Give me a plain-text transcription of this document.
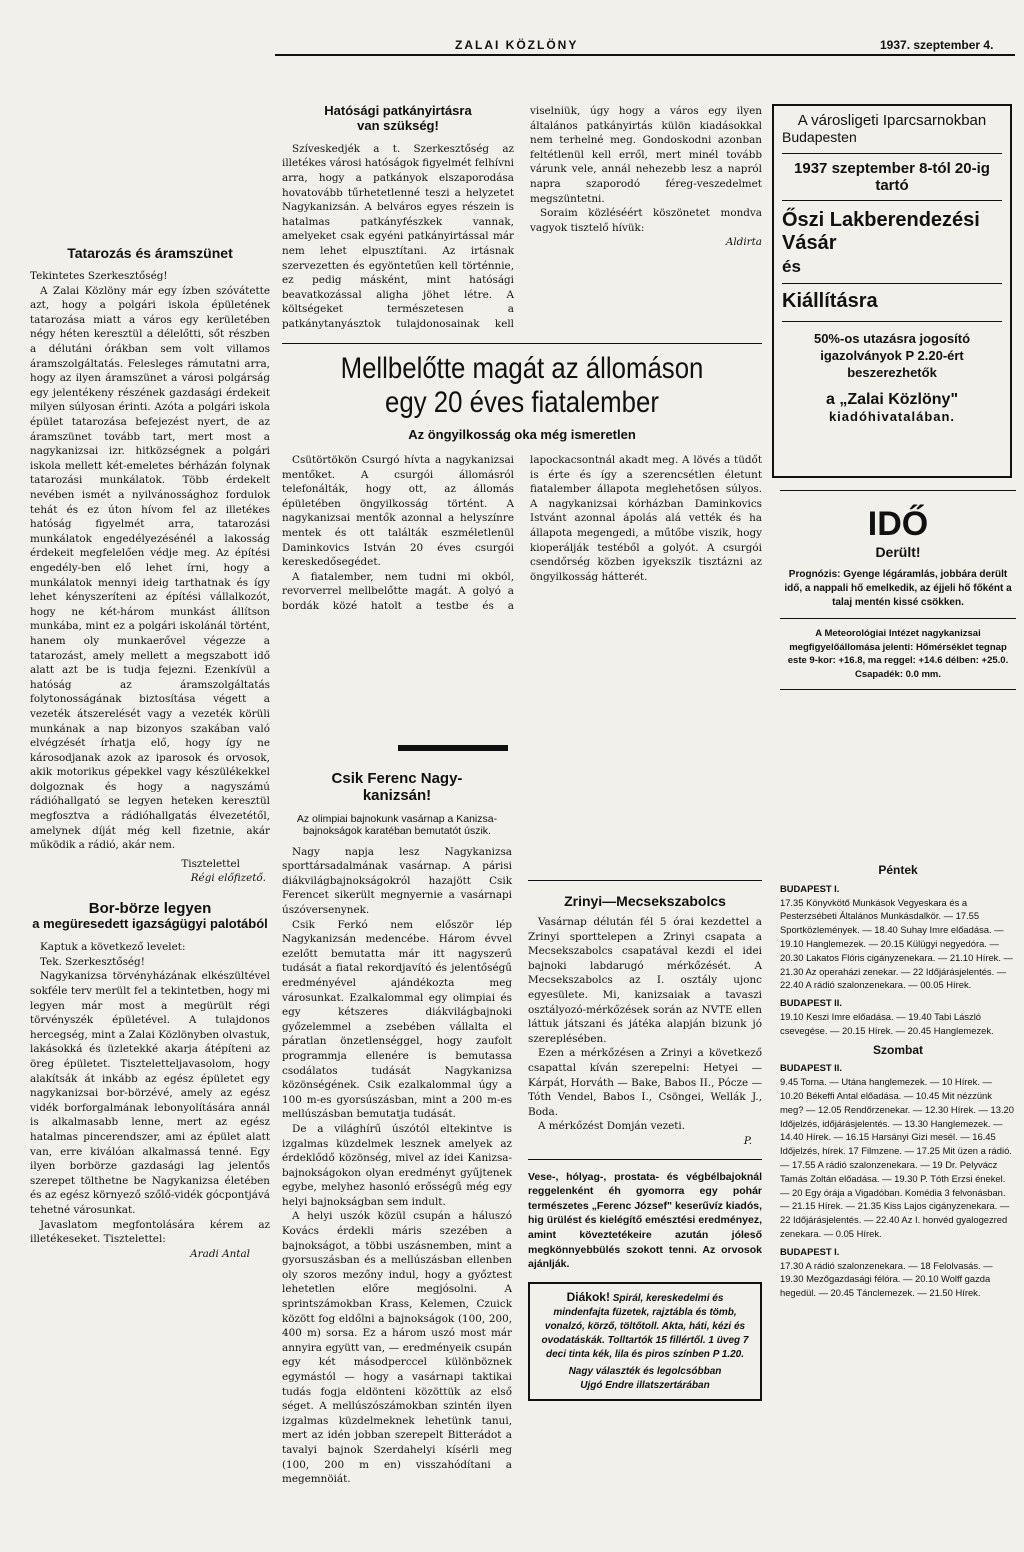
ZALAI KÖZLÖNY	1937. szeptember 4.
Tatarozás és áramszünet

Tekintetes Szerkesztőség!

A Zalai Közlöny már egy ízben szóvátette azt, hogy a polgári iskola épületének tatarozása miatt a város egy kerületében négy héten keresztül a délelőtti, sőt részben a délutáni órákban sem volt villamos áramszolgáltatás. Felesleges rámutatni arra, hogy az ilyen áramszünet a városi polgárság egy jelentékeny részének gazdasági érdekeit milyen súlyosan érinti. Azóta a polgári iskola épület tatarozása befejezést nyert, de az áramszünet tovább tart, mert most a nagykanizsai izr. hitközségnek a polgári iskola mellett két-emeletes bérházán folynak tatarozási munkálatok. Több érdekelt nevében ismét a nyilvánossághoz fordulok tehát és ez úton hívom fel az illetékes hatóság figyelmét arra, tatarozási munkálatok engedélyezésénél a lakosság érdekeit megfelelően védje meg. Az építési engedély-ben elő lehet írni, hogy a munkálatok mennyi ideig tarthatnak és így lehet kényszeríteni az építési vállalkozót, hogy ne két-három munkást állítson munkába, mint ez a polgári iskolánál történt, hanem oly munkaerővel végezze a tatarozást, amely mellett a megszabott idő alatt azt be is tudja fejezni. Ezenkívül a hatóság az áramszolgáltatás folytonosságának biztosítása végett a vezeték átszerelését vagy a vezeték körüli munkának a nap bizonyos szakában való elvégzését írhatja elő, hogy így ne károsodjanak azok az iparosok és orvosok, akik motorikus gépekkel vagy készülékekkel dolgoznak és hogy a nagyszámú rádióhallgató se legyen heteken keresztül megfosztva a rádióhallgatás élvezetétől, amelynek díját még kell fizetnie, akár működik a rádió, akár nem.

Tisztelettel
Régi előfizető.
Bor-börze legyen
a megüresedett igazságügyi palotából

Kaptuk a következő levelet:

Tek. Szerkesztőség!

Nagykanizsa törvényházának elkészültével sokféle terv merült fel a tekintetben, hogy mi legyen már most a megürült régi törvényszék épületével. A tulajdonos hercegség, mint a Zalai Közlönyben olvastuk, lakásokká és üzletekké akarja átépíteni az öreg épületet. Tiszteletteljavasolom, hogy alakítsák át inkább az egész épületet egy nagykanizsai bor-börzévé, amely az egész vidék borforgalmának lebonyolítására annál is alkalmasabb lenne, mert az egész hatalmas pincerendszer, ami az épület alatt van, erre kiválóan alkalmassá tenné. Egy ilyen borbörze gazdasági lag jelentős szerepet tölthetne be Nagykanizsa életében és az egész környező szőlő-vidék gócpontjává tehetné városunkat.

Javaslatom megfontolására kérem az illetékeseket. Tisztelettel:

Aradi Antal
Hatósági patkányirtásra
van szükség!

Szíveskedjék a t. Szerkesztőség az illetékes városi hatóságok figyelmét felhívni arra, hogy a patkányok elszaporodása hovatovább tűrhetetlenné teszi a helyzetet Nagykanizsán. A belváros egyes részein is hatalmas patkányfészkek vannak, amelyeket csak egyéni patkányirtással már nem lehet elpusztítani. Az irtásnak szervezetten és egyöntetűen kell történnie, ez pedig másként, mint hatósági beavatkozással aligha jöhet létre. A költségeket természetesen a patkánytanyásztok tulajdonosainak kell viselniük, úgy hogy a város egy ilyen általános patkányirtás külön kiadásokkal nem terhelné meg. Gondoskodni azonban feltétlenül kell erről, mert minél tovább várunk vele, annál nehezebb lesz a napról napra szaporodó féreg-veszedelmet megszüntetni.

Soraim közléséért köszönetet mondva vagyok tisztelő hívük:

Aldirta
Mellbelőtte magát az állomáson
egy 20 éves fiatalember
Az öngyilkosság oka még ismeretlen

Csütörtökön Csurgó hívta a nagykanizsai mentőket. A csurgói állomásról telefonálták, hogy ott, az állomás épületében öngyilkosság történt. A nagykanizsai mentők azonnal a helyszínre mentek és ott találták eszméletlenül Daminkovics István 20 éves csurgói kereskedősegédet.

A fiatalember, nem tudni mi okból, revorverrel mellbelőtte magát. A golyó a bordák közé hatolt a testbe és a lapockacsontnál akadt meg. A lövés a tüdőt is érte és így a szerencsétlen életunt fiatalember állapota meglehetősen súlyos. A nagykanizsai kórházban Daminkovics Istvánt azonnal ápolás alá vették és ha állapota megengedi, a műtőbe viszik, hogy kioperálják testéből a golyót. A csurgói csendőrség közben igyekszik tisztázni az öngyilkosság hátterét.

Csik Ferenc Nagy-
kanizsán!
Az olimpiai bajnokunk vasárnap a Kanizsa-bajnokságok karatéban bemutatót úszik.

Nagy napja lesz Nagykanizsa sporttársadalmának vasárnap. A párisi diákvilágbajnokságokról hazajött Csik Ferencet sikerült megnyernie a vasárnapi úszóversenynek.

Csik Ferkó nem először lép Nagykanizsán medencébe. Három évvel ezelőtt bemutatta már itt nagyszerű tudását a fiatal rekordjavító és jelentőségű eredményével ajándékozta meg városunkat. Ezalkalommal egy olimpiai és egy kétszeres diákvilágbajnoki győzelemmel a zsebében vállalta el páratlan önzetlenséggel, hogy zaufolt programmja ellenére is bemutassa csodálatos tudását Nagykanizsa közönségének. Csik ezalkalommal úgy a 100 m-es gyorsúszásban, mint a 200 m-es mellúszásban bemutatja tudását.

De a világhírű úszótól eltekintve is izgalmas küzdelmek lesznek amelyek az érdeklődő közönség, mivel az idei Kanizsa-bajnokságokon olyan eredményt gyűjtenek egybe, melyhez hasonló erősségű még egy helyi bajnokságban sem indult.

A helyi uszók közül csupán a háluszó Kovács érdekli máris szezében a bajnokságot, a többi uszásnemben, mint a gyorsuszásban és a mellúszásban ellenben oly szoros mezőny indul, hogy a győztest lehetetlen előre megjósolni. A sprintszámokban Krass, Kelemen, Czuick között fog eldőlni a bajnokságok (100, 200, 400 m) sorsa. Ez a három uszó most már annyira együtt van, — eredményeik csupán egy két másodperccel különböznek egymástól — hogy a vasárnapi taktikai tudás fogja eldönteni közöttük az első séget. A mellúszószámokban szintén ilyen izgalmas küzdelmeknek lehetünk tanui, mert az idén jobban szerepelt Bitterádot a tavalyi bajnok Szerdahelyi kísérli meg (100, 200 m en) visszahódítani a megemnöiát.

Zrinyi—Mecsekszabolcs

Vasárnap délután fél 5 órai kezdettel a Zrinyi sporttelepen a Zrinyi csapata a Mecsekszabolcs csapatával kezdi el idei bajnoki labdarugó mérkőzését. A Mecsekszabolcs az I. osztály ujonc egyesülete. Mi, kanizsaiak a tavaszi osztályozó-mérkőzések során az NVTE ellen láttuk játszani és játéka alapján bizunk jó szereplésében.

Ezen a mérkőzésen a Zrinyi a következő csapattal kíván szerepelni: Hetyei — Kárpát, Horváth — Bake, Babos II., Pócze — Tóth Vendel, Babos I., Csöngei, Wellák J., Boda.

A mérkőzést Domján vezeti.

P.

Vese-, hólyag-, prostata- és végbélbajoknál reggelenként éh gyomorra egy pohár természetes „Ferenc József" keserűvíz kiadós, hig ürülést és kielégítő emésztési eredményez, amint köveztetékeire azután jóleső megkönnyebbülés szokott tenni. Az orvosok ajánlják.

Diákok! Spirál, kereskedelmi és mindenfajta füzetek, rajztábla és tömb, vonalzó, körző, töltőtoll. Akta, háti, kézi és ovodatáskák. Tolltartók 15 fillértől. 1 üveg 7 deci tinta kék, lila és piros színben P 1.20.
Nagy választék és legolcsóbban
Ujgó Endre illatszertárában
A városligeti Iparcsarnokban
Budapesten
1937 szeptember 8-tól 20-ig tartó
Őszi Lakberendezési Vásár
és
Kiállításra
50%-os utazásra jogosító igazolványok P 2.20-ért beszerezhetők
a „Zalai Közlöny"
kiadóhivatalában.
IDŐ
Derült!
Prognózis: Gyenge légáramlás, jobbára derült idő, a nappali hő emelkedik, az éjjeli hő főként a talaj mentén kissé csökken.
A Meteorológiai Intézet nagykanizsai megfigyelőállomása jelenti: Hőmérséklet tegnap este 9-kor: +16.8, ma reggel: +14.6 délben: +25.0. Csapadék: 0.0 mm.
Péntek
BUDAPEST I.
17.35 Könyvkötő Munkások Vegyeskara és a Pesterzsébeti Általános Munkásdalkör. — 17.55 Sportközlemények. — 18.40 Suhay Imre előadása. — 19.10 Hanglemezek. — 20.15 Külügyi negyedóra. — 20.30 Lakatos Flóris cigányzenekara. — 21.10 Hírek. — 21.30 Az operaházi zenekar. — 22 Időjárásjelentés. — 22.40 A rádió szalonzenekara. — 00.05 Hírek.
BUDAPEST II.
19.10 Keszi Imre előadása. — 19.40 Tabi László csevegése. — 20.15 Hírek. — 20.45 Hanglemezek.
Szombat
BUDAPEST II.
9.45 Torna. — Utána hanglemezek. — 10 Hírek. — 10.20 Békeffi Antal előadása. — 10.45 Mit nézzünk meg? — 12.05 Rendőrzenekar. — 12.30 Hírek. — 13.20 Időjelzés, időjárásjelentés. — 13.30 Hanglemezek. — 14.40 Hírek. — 16.15 Harsányi Gizi mesél. — 16.45 Időjelzés, hírek. 17 Filmzene. — 17.25 Mit üzen a rádió. — 17.55 A rádió szalonzenekara. — 19 Dr. Pelyvácz Tamás Zoltán előadása. — 19.30 P. Tóth Erzsi énekel. — 20 Egy órája a Vigadóban. Komédia 3 felvonásban. — 21.15 Hírek. — 21.35 Kiss Lajos cigányzenekara. — 22 Időjárásjelentés. — 22.40 Az I. honvéd gyalogezred zenekara. — 0.05 Hírek.
BUDAPEST I.
17.30 A rádió szalonzenekara. — 18 Felolvasás. — 19.30 Mezőgazdasági félóra. — 20.10 Wolff gazda hegedül. — 20.45 Tánclemezek. — 21.50 Hírek.
